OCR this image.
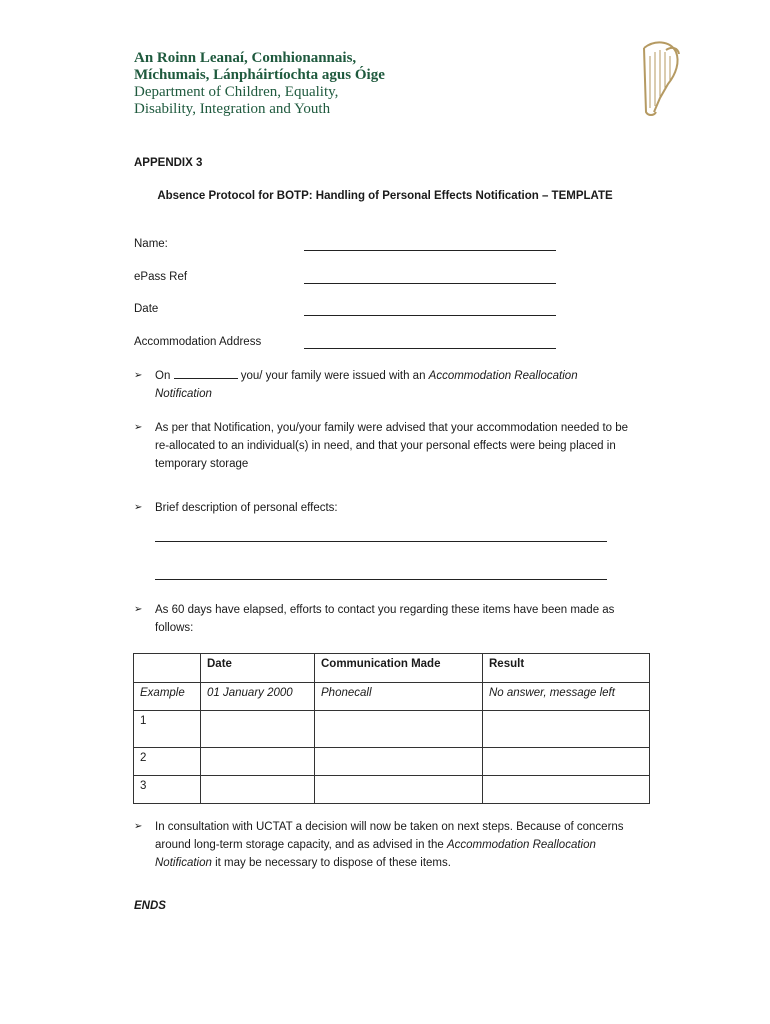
An Roinn Leanaí, Comhionannais,
Míchumais, Lánpháirtíochta agus Óige
Department of Children, Equality,
Disability, Integration and Youth
APPENDIX 3
Absence Protocol for BOTP: Handling of Personal Effects Notification – TEMPLATE
Name:
ePass Ref
Date
Accommodation Address
➢ On	you/ your family were issued with an Accommodation Reallocation Notification
➢ As per that Notification, you/your family were advised that your accommodation needed to be re-allocated to an individual(s) in need, and that your personal effects were being placed in temporary storage
➢ Brief description of personal effects:
➢ As 60 days have elapsed, efforts to contact you regarding these items have been made as follows:
	Date	Communication Made	Result
Example	01 January 2000	Phonecall	No answer, message left
1			
2			
3			
➢ In consultation with UCTAT a decision will now be taken on next steps. Because of concerns around long-term storage capacity, and as advised in the Accommodation Reallocation Notification it may be necessary to dispose of these items.
ENDS
